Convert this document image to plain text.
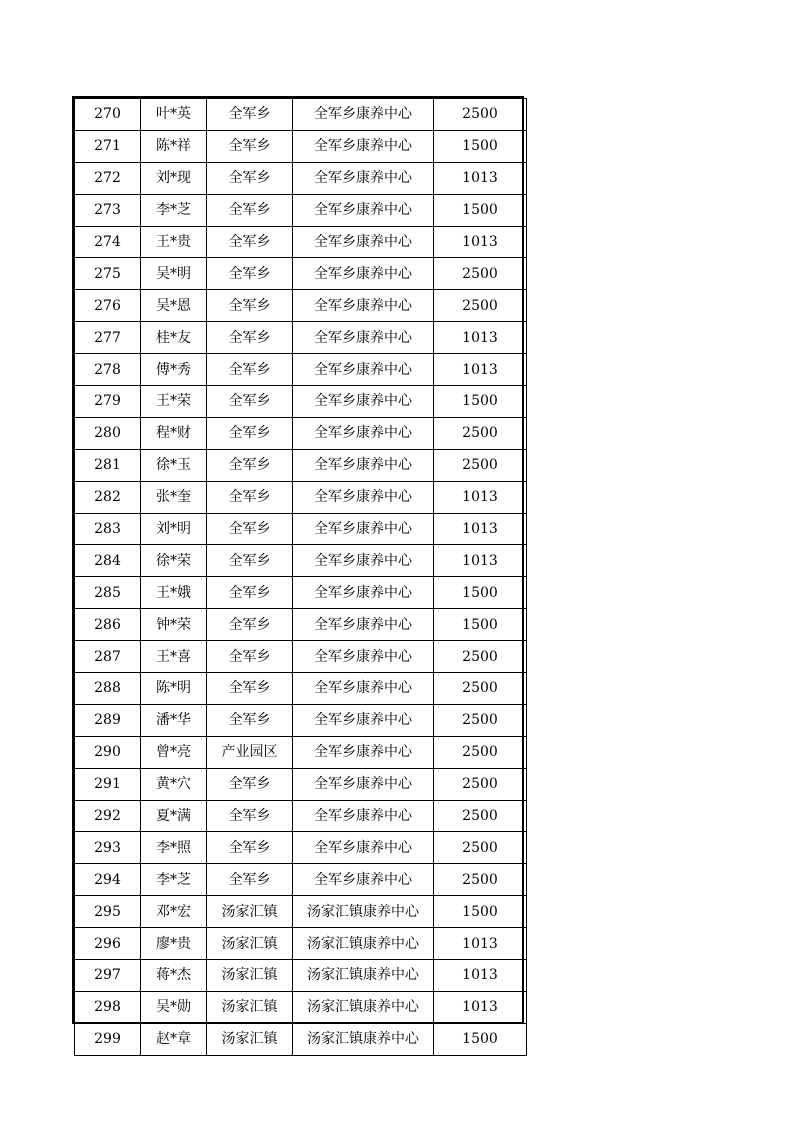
270	叶*英	全军乡	全军乡康养中心	2500
271	陈*祥	全军乡	全军乡康养中心	1500
272	刘*现	全军乡	全军乡康养中心	1013
273	李*芝	全军乡	全军乡康养中心	1500
274	王*贵	全军乡	全军乡康养中心	1013
275	吴*明	全军乡	全军乡康养中心	2500
276	吴*恩	全军乡	全军乡康养中心	2500
277	桂*友	全军乡	全军乡康养中心	1013
278	傅*秀	全军乡	全军乡康养中心	1013
279	王*荣	全军乡	全军乡康养中心	1500
280	程*财	全军乡	全军乡康养中心	2500
281	徐*玉	全军乡	全军乡康养中心	2500
282	张*奎	全军乡	全军乡康养中心	1013
283	刘*明	全军乡	全军乡康养中心	1013
284	徐*荣	全军乡	全军乡康养中心	1013
285	王*娥	全军乡	全军乡康养中心	1500
286	钟*荣	全军乡	全军乡康养中心	1500
287	王*喜	全军乡	全军乡康养中心	2500
288	陈*明	全军乡	全军乡康养中心	2500
289	潘*华	全军乡	全军乡康养中心	2500
290	曾*亮	产业园区	全军乡康养中心	2500
291	黄*穴	全军乡	全军乡康养中心	2500
292	夏*满	全军乡	全军乡康养中心	2500
293	李*照	全军乡	全军乡康养中心	2500
294	李*芝	全军乡	全军乡康养中心	2500
295	邓*宏	汤家汇镇	汤家汇镇康养中心	1500
296	廖*贵	汤家汇镇	汤家汇镇康养中心	1013
297	蒋*杰	汤家汇镇	汤家汇镇康养中心	1013
298	吴*勋	汤家汇镇	汤家汇镇康养中心	1013
299	赵*章	汤家汇镇	汤家汇镇康养中心	1500
